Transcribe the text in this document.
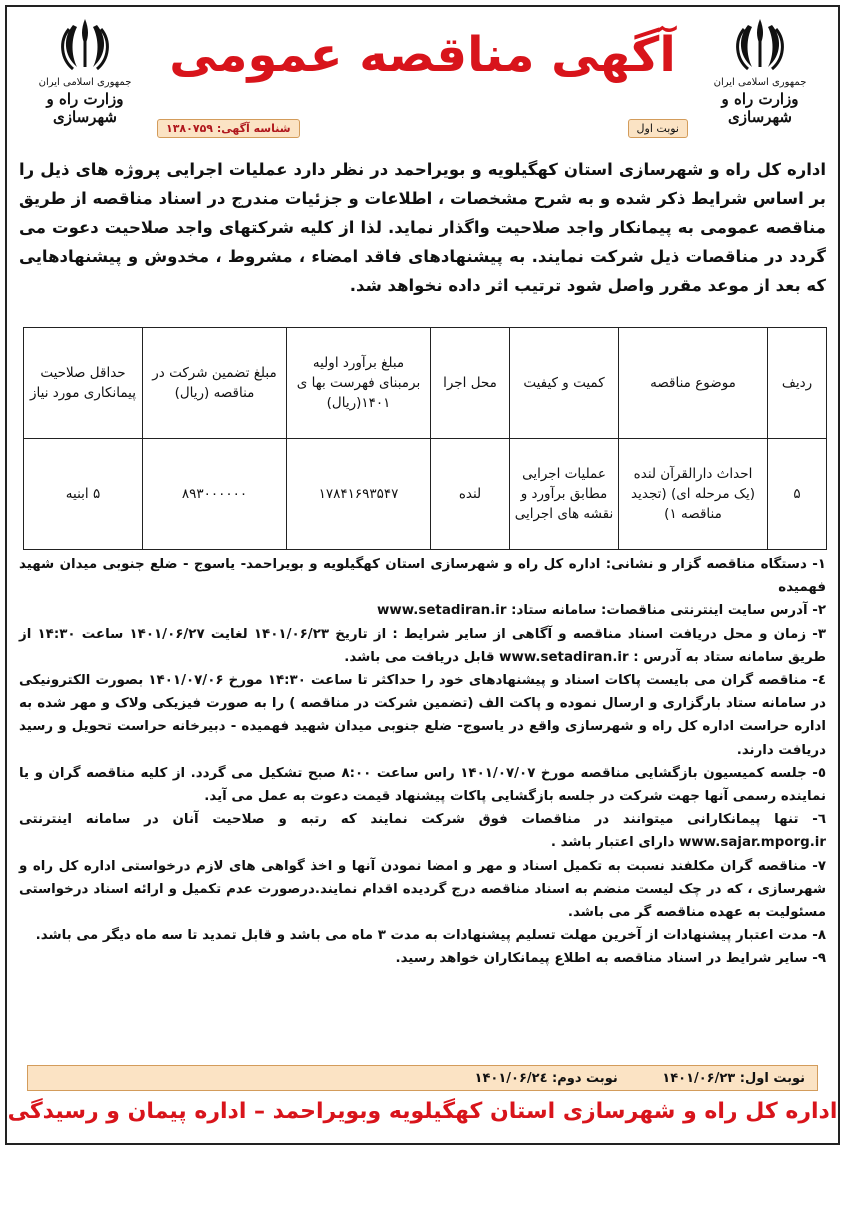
جمهوری اسلامی ایران
وزارت راه و شهرسازی
آگهی مناقصه عمومی
جمهوری اسلامی ایران
وزارت راه و شهرسازی
نوبت اول
شناسه آگهی: ۱۳۸۰۷۵۹
اداره کل راه و شهرسازی استان کهگیلویه و بویراحمد در نظر دارد عملیات اجرایی پروژه های ذیل را بر اساس شرایط ذکر شده و به شرح مشخصات ، اطلاعات و جزئیات مندرج در اسناد مناقصه از طریق مناقصه عمومی به پیمانکار واجد صلاحیت واگذار نماید. لذا از کلیه شرکتهای واجد صلاحیت دعوت می گردد در مناقصات ذیل شرکت نمایند. به پیشنهادهای فاقد امضاء ، مشروط ، مخدوش و پیشنهادهایی که بعد از موعد مقرر واصل شود ترتیب اثر داده نخواهد شد.
ردیف	موضوع مناقصه	کمیت و کیفیت	محل اجرا	مبلغ برآورد اولیه برمبنای فهرست بها ی ۱۴۰۱(ریال)	مبلغ تضمین شرکت در مناقصه (ریال)	حداقل صلاحیت پیمانکاری مورد نیاز
۵	احداث دارالقرآن لنده (یک مرحله ای) (تجدید مناقصه ۱)	عملیات اجرایی مطابق برآورد و نقشه های اجرایی	لنده	۱۷۸۴۱۶۹۳۵۴۷	۸۹۳۰۰۰۰۰۰	۵ ابنیه

۱- دستگاه مناقصه گزار و نشانی: اداره کل راه و شهرسازی استان کهگیلویه و بویراحمد- یاسوج - ضلع جنوبی میدان شهید فهمیده

۲- آدرس سایت اینترنتی مناقصات: سامانه ستاد: www.setadiran.ir

۳- زمان و محل دریافت اسناد مناقصه و آگاهی از سایر شرایط : از تاریخ ۱۴۰۱/۰۶/۲۳ لغایت ۱۴۰۱/۰۶/۲۷ ساعت ۱۴:۳۰ از طریق سامانه ستاد به آدرس : www.setadiran.ir قابل دریافت می باشد.

٤- مناقصه گران می بایست پاکات اسناد و پیشنهادهای خود را حداکثر تا ساعت ۱۴:۳۰ مورخ ۱۴۰۱/۰۷/۰۶ بصورت الکترونیکی در سامانه ستاد بارگزاری و ارسال نموده و پاکت الف (تضمین شرکت در مناقصه ) را به صورت فیزیکی ولاک و مهر شده به اداره حراست اداره کل راه و شهرسازی واقع در یاسوج- ضلع جنوبی میدان شهید فهمیده - دبیرخانه حراست تحویل و رسید دریافت دارند.

٥- جلسه کمیسیون بازگشایی مناقصه مورخ ۱۴۰۱/۰۷/۰۷ راس ساعت ۸:۰۰ صبح تشکیل می گردد. از کلیه مناقصه گران و یا نماینده رسمی آنها جهت شرکت در جلسه بازگشایی پاکات پیشنهاد قیمت دعوت به عمل می آید.

٦- تنها پیمانکارانی میتوانند در مناقصات فوق شرکت نمایند که رتبه و صلاحیت آنان در سامانه اینترنتی www.sajar.mporg.ir دارای اعتبار باشد .

۷- مناقصه گران مکلفند نسبت به تکمیل اسناد و مهر و امضا نمودن آنها و اخذ گواهی های لازم درخواستی اداره کل راه و شهرسازی ، که در چک لیست منضم به اسناد مناقصه درج گردیده اقدام نمایند.درصورت عدم تکمیل و ارائه اسناد درخواستی مسئولیت به عهده مناقصه گر می باشد.

۸- مدت اعتبار پیشنهادات از آخرین مهلت تسلیم پیشنهادات به مدت ۳ ماه می باشد و قابل تمدید تا سه ماه دیگر می باشد.

۹- سایر شرایط در اسناد مناقصه به اطلاع پیمانکاران خواهد رسید.

نوبت اول: ۱۴۰۱/۰۶/۲۳ نوبت دوم: ۱۴۰۱/۰۶/۲٤
اداره کل راه و شهرسازی استان کهگیلویه وبویراحمد – اداره پیمان و رسیدگی
